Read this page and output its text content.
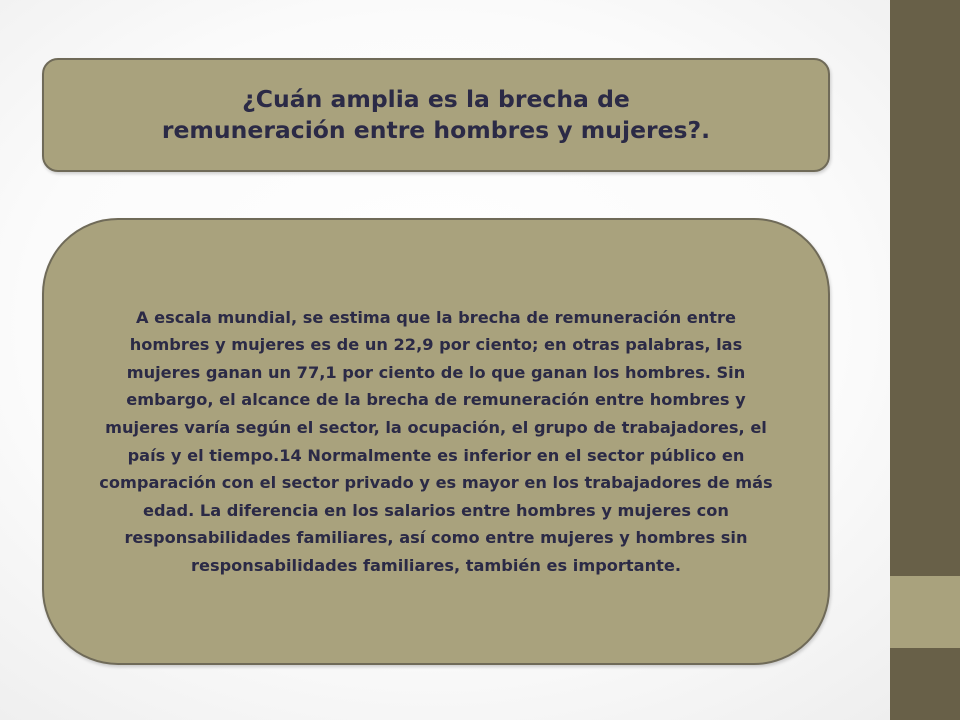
¿Cuán amplia es la brecha de
remuneración entre hombres y mujeres?.

A escala mundial, se estima que la brecha de remuneración entre
hombres y mujeres es de un 22,9 por ciento; en otras palabras, las
mujeres ganan un 77,1 por ciento de lo que ganan los hombres. Sin
embargo, el alcance de la brecha de remuneración entre hombres y
mujeres varía según el sector, la ocupación, el grupo de trabajadores, el
país y el tiempo.14 Normalmente es inferior en el sector público en
comparación con el sector privado y es mayor en los trabajadores de más
edad. La diferencia en los salarios entre hombres y mujeres con
responsabilidades familiares, así como entre mujeres y hombres sin
responsabilidades familiares, también es importante.
